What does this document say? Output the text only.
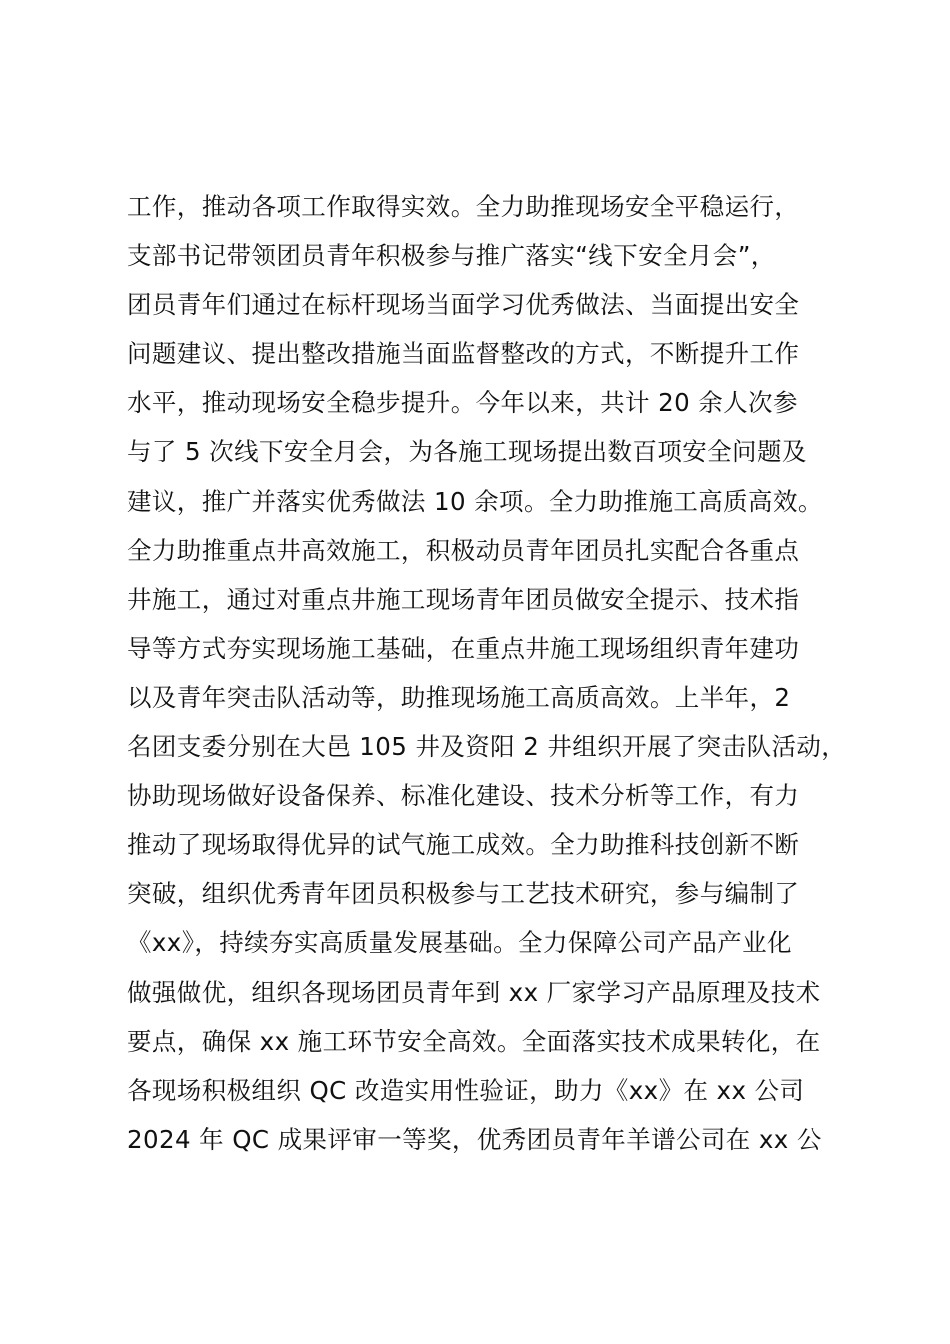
工作，推动各项工作取得实效。全力助推现场安全平稳运行，
支部书记带领团员青年积极参与推广落实“线下安全月会”，
团员青年们通过在标杆现场当面学习优秀做法、当面提出安全
问题建议、提出整改措施当面监督整改的方式，不断提升工作
水平，推动现场安全稳步提升。今年以来，共计 20 余人次参
与了 5 次线下安全月会，为各施工现场提出数百项安全问题及
建议，推广并落实优秀做法 10 余项。全力助推施工高质高效。
全力助推重点井高效施工，积极动员青年团员扎实配合各重点
井施工，通过对重点井施工现场青年团员做安全提示、技术指
导等方式夯实现场施工基础，在重点井施工现场组织青年建功
以及青年突击队活动等，助推现场施工高质高效。上半年，2
名团支委分别在大邑 105 井及资阳 2 井组织开展了突击队活动，
协助现场做好设备保养、标准化建设、技术分析等工作，有力
推动了现场取得优异的试气施工成效。全力助推科技创新不断
突破，组织优秀青年团员积极参与工艺技术研究，参与编制了
《xx》，持续夯实高质量发展基础。全力保障公司产品产业化
做强做优，组织各现场团员青年到 xx 厂家学习产品原理及技术
要点，确保 xx 施工环节安全高效。全面落实技术成果转化，在
各现场积极组织 QC 改造实用性验证，助力《xx》在 xx 公司
2024 年 QC 成果评审一等奖，优秀团员青年羊谱公司在 xx 公
